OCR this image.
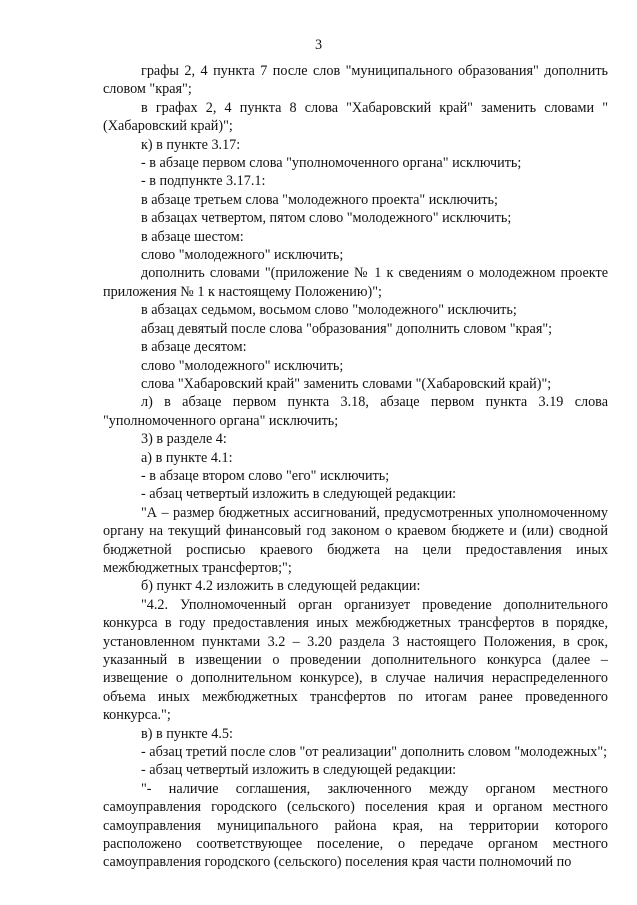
3

графы 2, 4 пункта 7 после слов "муниципального образования" дополнить словом "края";

в графах 2, 4 пункта 8 слова "Хабаровский край" заменить словами "(Хабаровский край)";

к) в пункте 3.17:

- в абзаце первом слова "уполномоченного органа" исключить;

- в подпункте 3.17.1:

в абзаце третьем слова "молодежного проекта" исключить;

в абзацах четвертом, пятом слово "молодежного" исключить;

в абзаце шестом:

слово "молодежного" исключить;

дополнить словами "(приложение № 1 к сведениям о молодежном проекте приложения № 1 к настоящему Положению)";

в абзацах седьмом, восьмом слово "молодежного" исключить;

абзац девятый после слова "образования" дополнить словом "края";

в абзаце десятом:

слово "молодежного" исключить;

слова "Хабаровский край" заменить словами "(Хабаровский край)";

л) в абзаце первом пункта 3.18, абзаце первом пункта 3.19 слова "уполномоченного органа" исключить;

3) в разделе 4:

а) в пункте 4.1:

- в абзаце втором слово "его" исключить;

- абзац четвертый изложить в следующей редакции:

"А – размер бюджетных ассигнований, предусмотренных уполномоченному органу на текущий финансовый год законом о краевом бюджете и (или) сводной бюджетной росписью краевого бюджета на цели предоставления иных межбюджетных трансфертов;";

б) пункт 4.2 изложить в следующей редакции:

"4.2. Уполномоченный орган организует проведение дополнительного конкурса в году предоставления иных межбюджетных трансфертов в порядке, установленном пунктами 3.2 – 3.20 раздела 3 настоящего Положения, в срок, указанный в извещении о проведении дополнительного конкурса (далее – извещение о дополнительном конкурсе), в случае наличия нераспределенного объема иных межбюджетных трансфертов по итогам ранее проведенного конкурса.";

в) в пункте 4.5:

- абзац третий после слов "от реализации" дополнить словом "молодежных";

- абзац четвертый изложить в следующей редакции:

"- наличие соглашения, заключенного между органом местного самоуправления городского (сельского) поселения края и органом местного самоуправления муниципального района края, на территории которого расположено соответствующее поселение, о передаче органом местного самоуправления городского (сельского) поселения края части полномочий по
